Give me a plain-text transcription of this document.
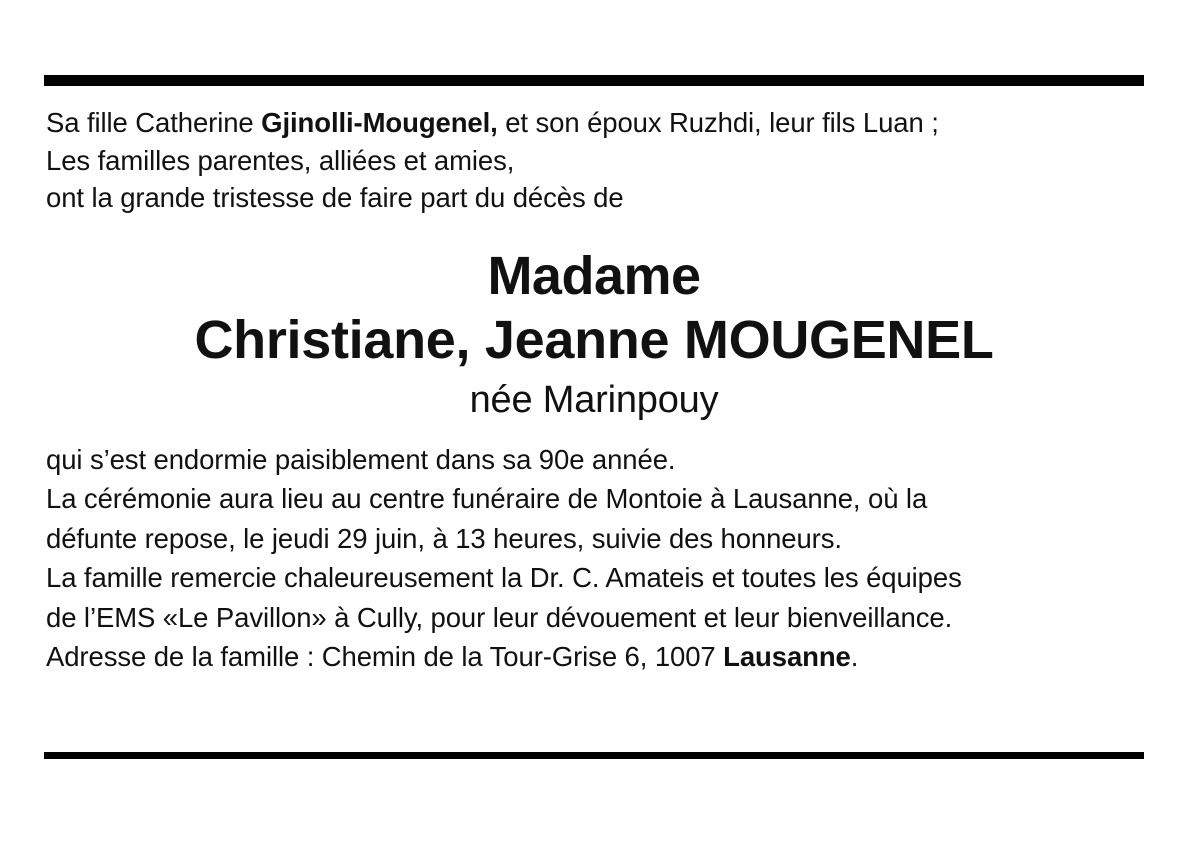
Sa fille Catherine Gjinolli-Mougenel, et son époux Ruzhdi, leur fils Luan ;

Les familles parentes, alliées et amies,

ont la grande tristesse de faire part du décès de

Madame
Christiane, Jeanne MOUGENEL
née Marinpouy

qui s’est endormie paisiblement dans sa 90e année.

La cérémonie aura lieu au centre funéraire de Montoie à Lausanne, où la

défunte repose, le jeudi 29 juin, à 13 heures, suivie des honneurs.

La famille remercie chaleureusement la Dr. C. Amateis et toutes les équipes

de l’EMS «Le Pavillon» à Cully, pour leur dévouement et leur bienveillance.

Adresse de la famille : Chemin de la Tour-Grise 6, 1007 Lausanne.
